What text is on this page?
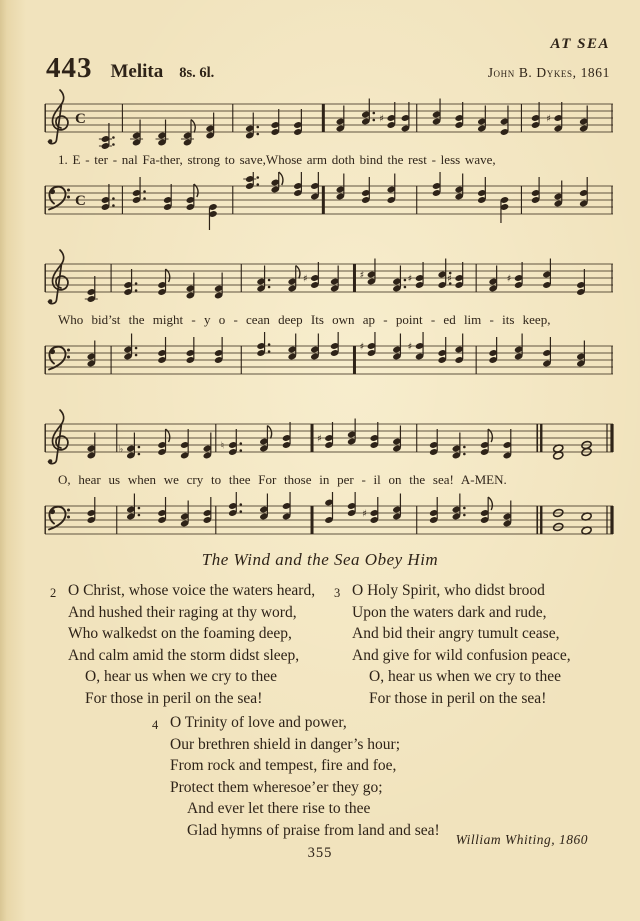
AT SEA
443 Melita 8s. 6l.	John B. Dykes, 1861
C	♯	♯
1. E - ter - nal Fa-ther, strong to save,Whose arm doth bind the rest - less wave,
C
♯	♯	♯	♯	♯
Who bid’st the might - y o - cean deep Its own ap - point - ed lim - its keep,
♯	♯
♭	♮
♯
O, hear us when we cry to thee For those in per - il on the sea! A-MEN.
♯
The Wind and the Sea Obey Him
2 O Christ, whose voice the waters heard,
And hushed their raging at thy word,
Who walkedst on the foaming deep,
And calm amid the storm didst sleep,
O, hear us when we cry to thee
For those in peril on the sea!
3 O Holy Spirit, who didst brood
Upon the waters dark and rude,
And bid their angry tumult cease,
And give for wild confusion peace,
O, hear us when we cry to thee
For those in peril on the sea!
4 O Trinity of love and power,
Our brethren shield in danger’s hour;
From rock and tempest, fire and foe,
Protect them wheresoe’er they go;
And ever let there rise to thee
Glad hymns of praise from land and sea!
William Whiting, 1860
355
